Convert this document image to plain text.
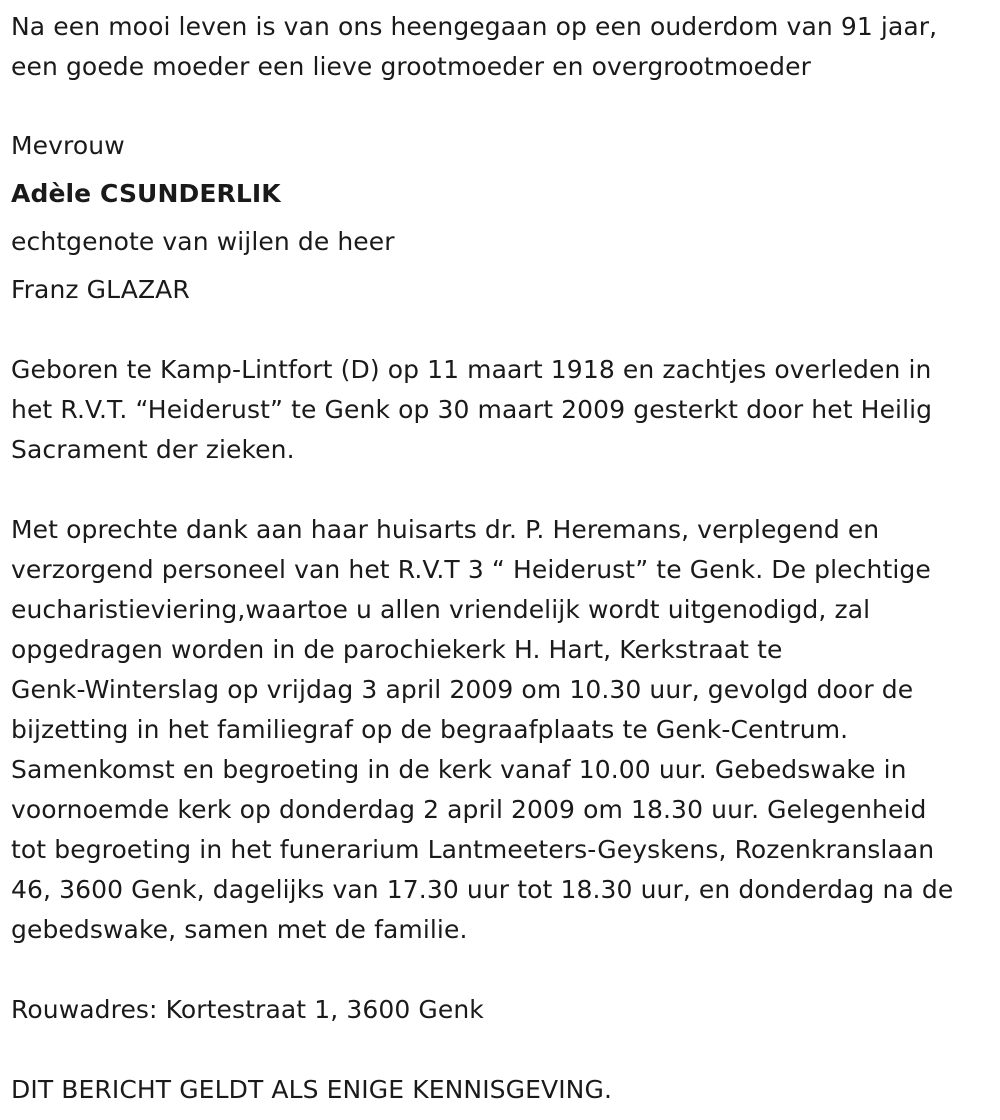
Na een mooi leven is van ons heengegaan op een ouderdom van 91 jaar,
een goede moeder een lieve grootmoeder en overgrootmoeder
Mevrouw
Adèle CSUNDERLIK
echtgenote van wijlen de heer
Franz GLAZAR
Geboren te Kamp-Lintfort (D) op 11 maart 1918 en zachtjes overleden in
het R.V.T. “Heiderust” te Genk op 30 maart 2009 gesterkt door het Heilig
Sacrament der zieken.
Met oprechte dank aan haar huisarts dr. P. Heremans, verplegend en
verzorgend personeel van het R.V.T 3 “ Heiderust” te Genk. De plechtige
eucharistieviering,waartoe u allen vriendelijk wordt uitgenodigd, zal
opgedragen worden in de parochiekerk H. Hart, Kerkstraat te
Genk-Winterslag op vrijdag 3 april 2009 om 10.30 uur, gevolgd door de
bijzetting in het familiegraf op de begraafplaats te Genk-Centrum.
Samenkomst en begroeting in de kerk vanaf 10.00 uur. Gebedswake in
voornoemde kerk op donderdag 2 april 2009 om 18.30 uur. Gelegenheid
tot begroeting in het funerarium Lantmeeters-Geyskens, Rozenkranslaan
46, 3600 Genk, dagelijks van 17.30 uur tot 18.30 uur, en donderdag na de
gebedswake, samen met de familie.
Rouwadres: Kortestraat 1, 3600 Genk
DIT BERICHT GELDT ALS ENIGE KENNISGEVING.
